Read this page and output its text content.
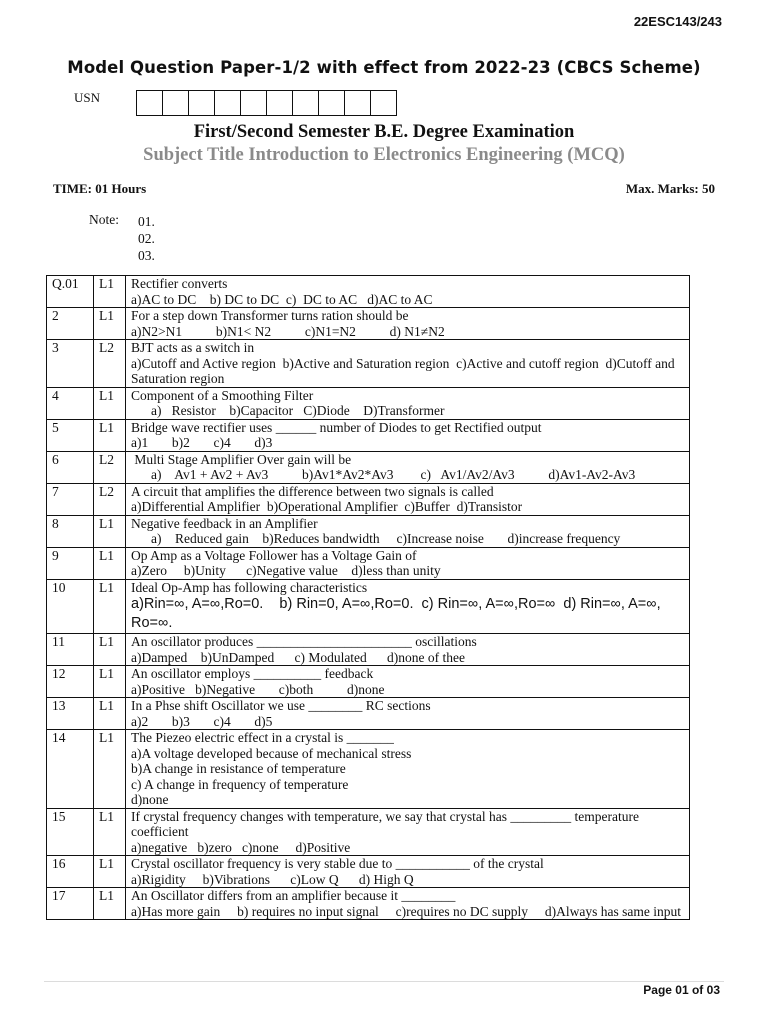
22ESC143/243
Model Question Paper-1/2 with effect from 2022-23 (CBCS Scheme)
USN
First/Second Semester B.E. Degree Examination
Subject Title Introduction to Electronics Engineering (MCQ)
TIME: 01 Hours	Max. Marks: 50
Note: 01.
02.
03.
Q.01	L1	Rectifier converts
a)AC to DC    b) DC to DC  c)  DC to AC   d)AC to AC

2	L1	For a step down Transformer turns ration should be
a)N2>N1          b)N1< N2          c)N1=N2          d) N1≠N2

3	L2	BJT acts as a switch in
a)Cutoff and Active region  b)Active and Saturation region  c)Active and cutoff region  d)Cutoff and Saturation region

4	L1	Component of a Smoothing Filter
a)   Resistor    b)Capacitor   C)Diode    D)Transformer

5	L1	Bridge wave rectifier uses ______ number of Diodes to get Rectified output
a)1       b)2       c)4       d)3

6	L2	Multi Stage Amplifier Over gain will be
a)    Av1 + Av2 + Av3          b)Av1*Av2*Av3        c)   Av1/Av2/Av3          d)Av1-Av2-Av3

7	L2	A circuit that amplifies the difference between two signals is called
a)Differential Amplifier  b)Operational Amplifier  c)Buffer  d)Transistor

8	L1	Negative feedback in an Amplifier
a)    Reduced gain    b)Reduces bandwidth     c)Increase noise       d)increase frequency

9	L1	Op Amp as a Voltage Follower has a Voltage Gain of
a)Zero     b)Unity      c)Negative value    d)less than unity

10	L1	Ideal Op-Amp has following characteristics
a)Rin=∞, A=∞,Ro=0.    b) Rin=0, A=∞,Ro=0.  c) Rin=∞, A=∞,Ro=∞  d) Rin=∞, A=∞, Ro=∞.

11	L1	An oscillator produces _______________________ oscillations
a)Damped    b)UnDamped      c) Modulated      d)none of thee

12	L1	An oscillator employs __________ feedback
a)Positive   b)Negative       c)both          d)none

13	L1	In a Phse shift Oscillator we use ________ RC sections
a)2       b)3       c)4       d)5

14	L1	The Piezeo electric effect in a crystal is _______
a)A voltage developed because of mechanical stress
b)A change in resistance of temperature
c) A change in frequency of temperature
d)none

15	L1	If crystal frequency changes with temperature, we say that crystal has _________ temperature coefficient
a)negative   b)zero   c)none     d)Positive

16	L1	Crystal oscillator frequency is very stable due to ___________ of the crystal
a)Rigidity     b)Vibrations      c)Low Q      d) High Q

17	L1	An Oscillator differs from an amplifier because it ________
a)Has more gain     b) requires no input signal     c)requires no DC supply     d)Always has same input
Page 01 of 03
